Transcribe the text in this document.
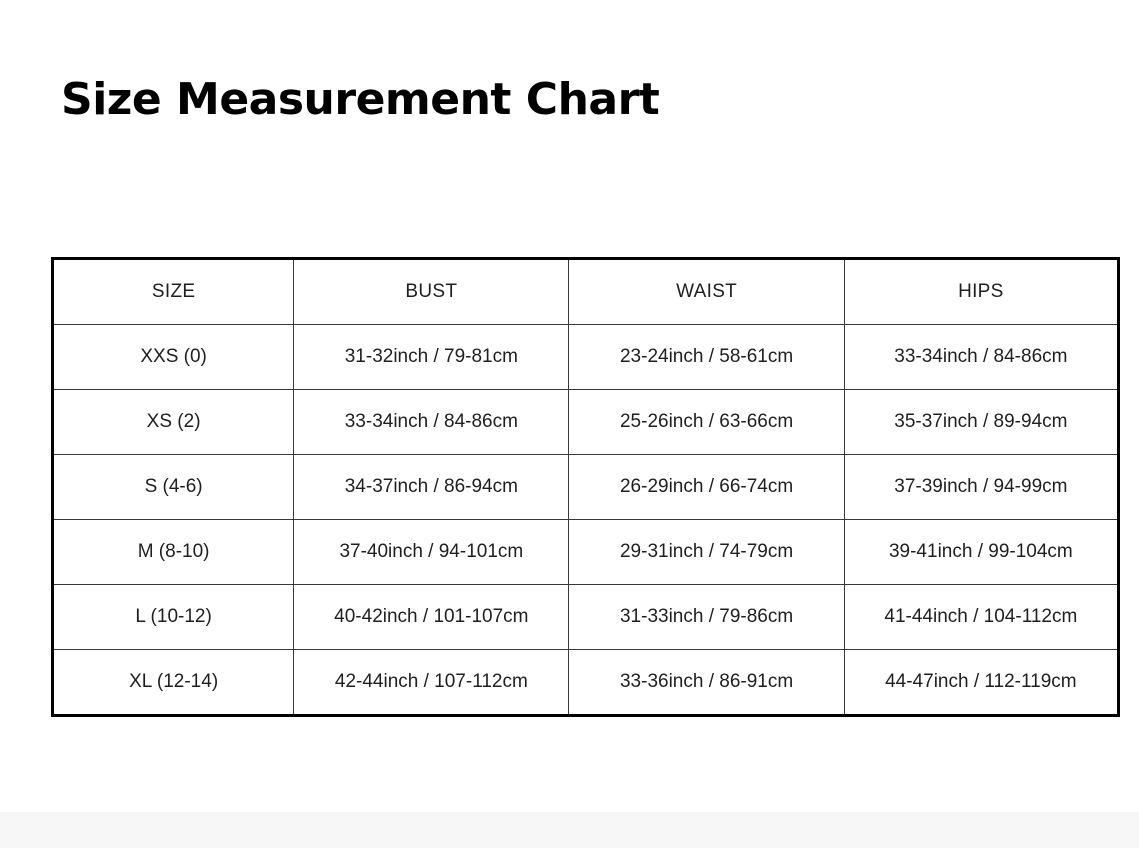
Size Measurement Chart
SIZE	BUST	WAIST	HIPS
XXS (0)	31-32inch / 79-81cm	23-24inch / 58-61cm	33-34inch / 84-86cm
XS (2)	33-34inch / 84-86cm	25-26inch / 63-66cm	35-37inch / 89-94cm
S (4-6)	34-37inch / 86-94cm	26-29inch / 66-74cm	37-39inch / 94-99cm
M (8-10)	37-40inch / 94-101cm	29-31inch / 74-79cm	39-41inch / 99-104cm
L (10-12)	40-42inch / 101-107cm	31-33inch / 79-86cm	41-44inch / 104-112cm
XL (12-14)	42-44inch / 107-112cm	33-36inch / 86-91cm	44-47inch / 112-119cm
